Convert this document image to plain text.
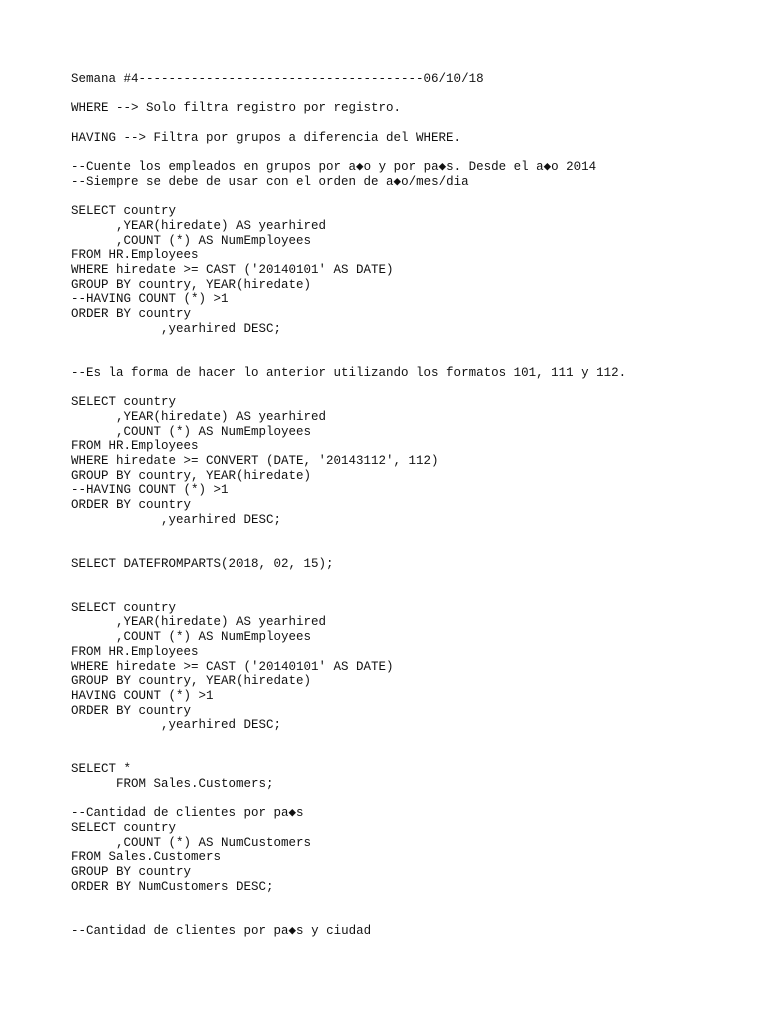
Semana #4--------------------------------------06/10/18
WHERE --> Solo filtra registro por registro.
HAVING --> Filtra por grupos a diferencia del WHERE.
--Cuente los empleados en grupos por a◆o y por pa◆s. Desde el a◆o 2014
--Siempre se debe de usar con el orden de a◆o/mes/dia
SELECT country
,YEAR(hiredate) AS yearhired
,COUNT (*) AS NumEmployees
FROM HR.Employees
WHERE hiredate >= CAST ('20140101' AS DATE)
GROUP BY country, YEAR(hiredate)
--HAVING COUNT (*) >1
ORDER BY country
,yearhired DESC;
--Es la forma de hacer lo anterior utilizando los formatos 101, 111 y 112.
SELECT country
,YEAR(hiredate) AS yearhired
,COUNT (*) AS NumEmployees
FROM HR.Employees
WHERE hiredate >= CONVERT (DATE, '20143112', 112)
GROUP BY country, YEAR(hiredate)
--HAVING COUNT (*) >1
ORDER BY country
,yearhired DESC;
SELECT DATEFROMPARTS(2018, 02, 15);
SELECT country
,YEAR(hiredate) AS yearhired
,COUNT (*) AS NumEmployees
FROM HR.Employees
WHERE hiredate >= CAST ('20140101' AS DATE)
GROUP BY country, YEAR(hiredate)
HAVING COUNT (*) >1
ORDER BY country
,yearhired DESC;
SELECT *
FROM Sales.Customers;
--Cantidad de clientes por pa◆s
SELECT country
,COUNT (*) AS NumCustomers
FROM Sales.Customers
GROUP BY country
ORDER BY NumCustomers DESC;
--Cantidad de clientes por pa◆s y ciudad
